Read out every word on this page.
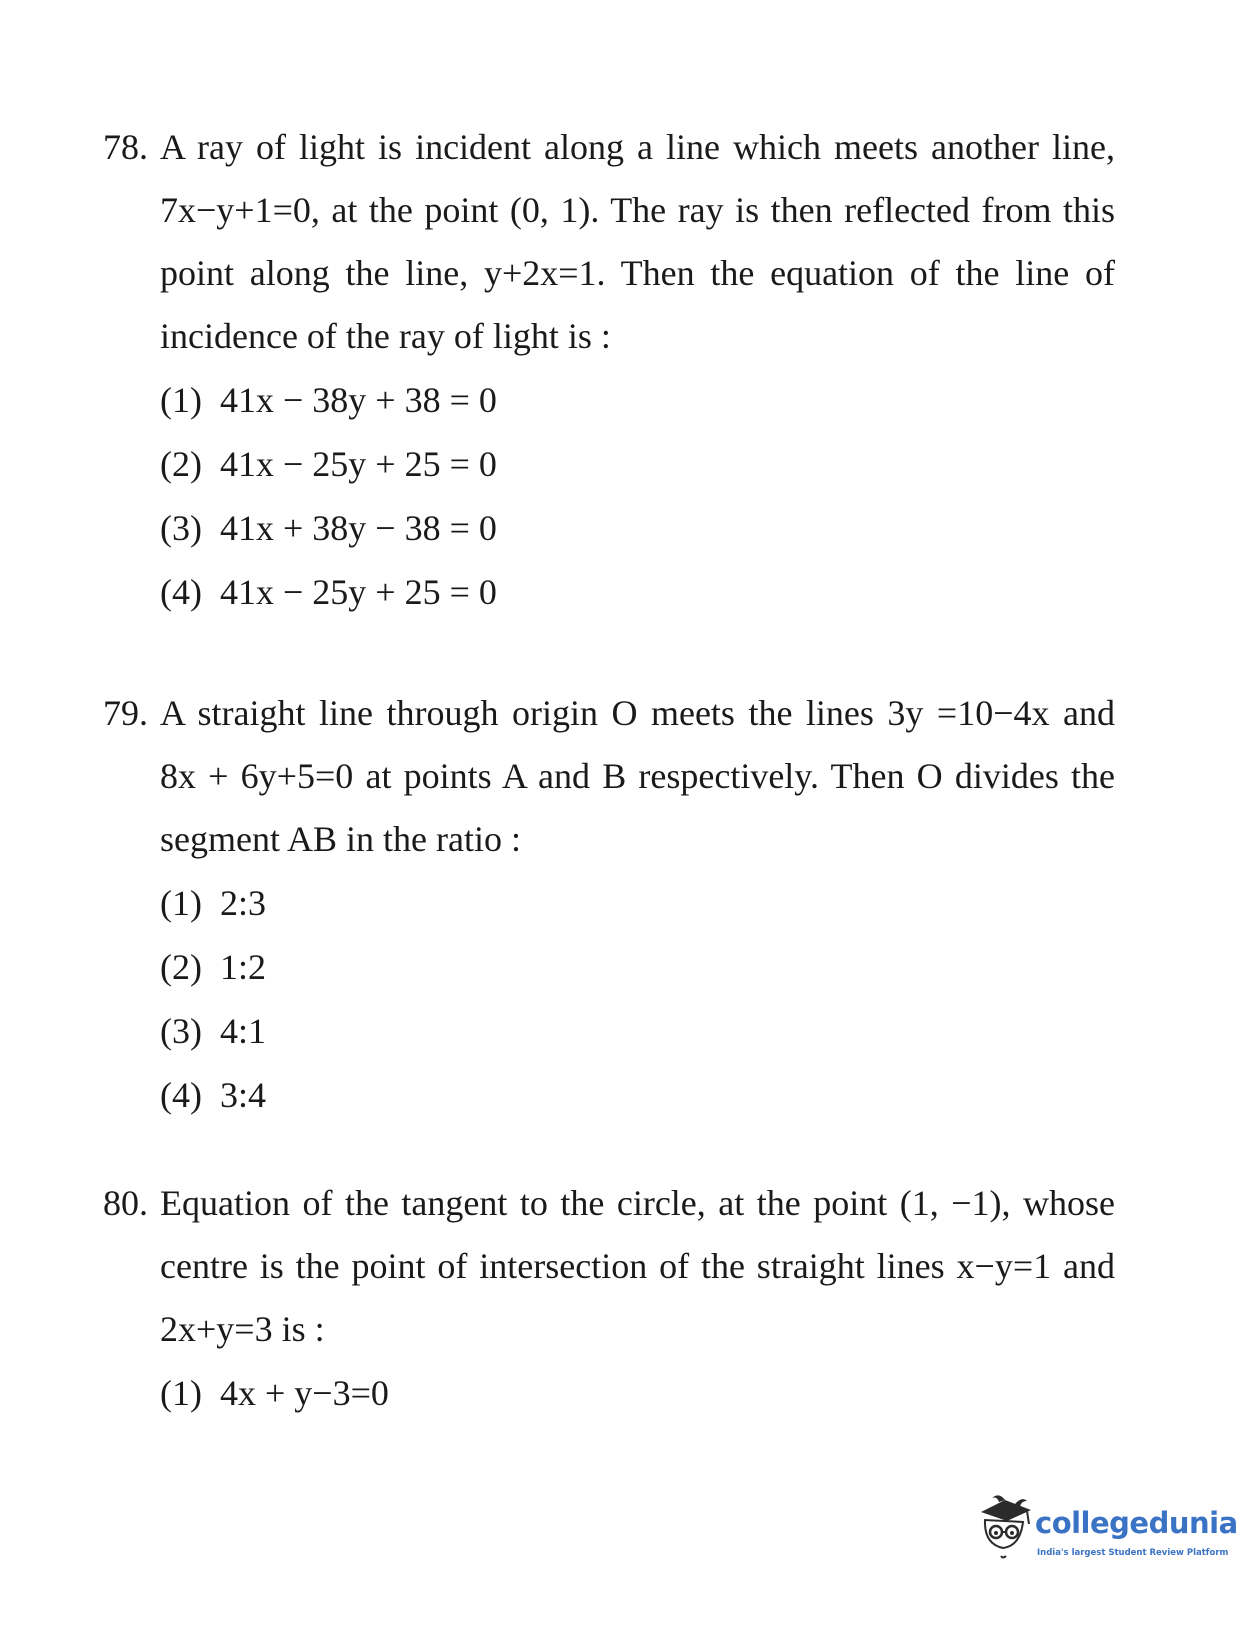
78. A ray of light is incident along a line which meets another line,
7x−y+1=0, at the point (0, 1). The ray is then reflected from this
point along the line, y+2x=1. Then the equation of the line of
incidence of the ray of light is :
(1) 41x − 38y + 38 = 0
(2) 41x − 25y + 25 = 0
(3) 41x + 38y − 38 = 0
(4) 41x − 25y + 25 = 0
79. A straight line through origin O meets the lines 3y =10−4x and
8x + 6y+5=0 at points A and B respectively. Then O divides the
segment AB in the ratio :
(1) 2:3
(2) 1:2
(3) 4:1
(4) 3:4
80. Equation of the tangent to the circle, at the point (1, −1), whose
centre is the point of intersection of the straight lines x−y=1 and
2x+y=3 is :
(1) 4x + y−3=0
collegedunia
India's largest Student Review Platform
